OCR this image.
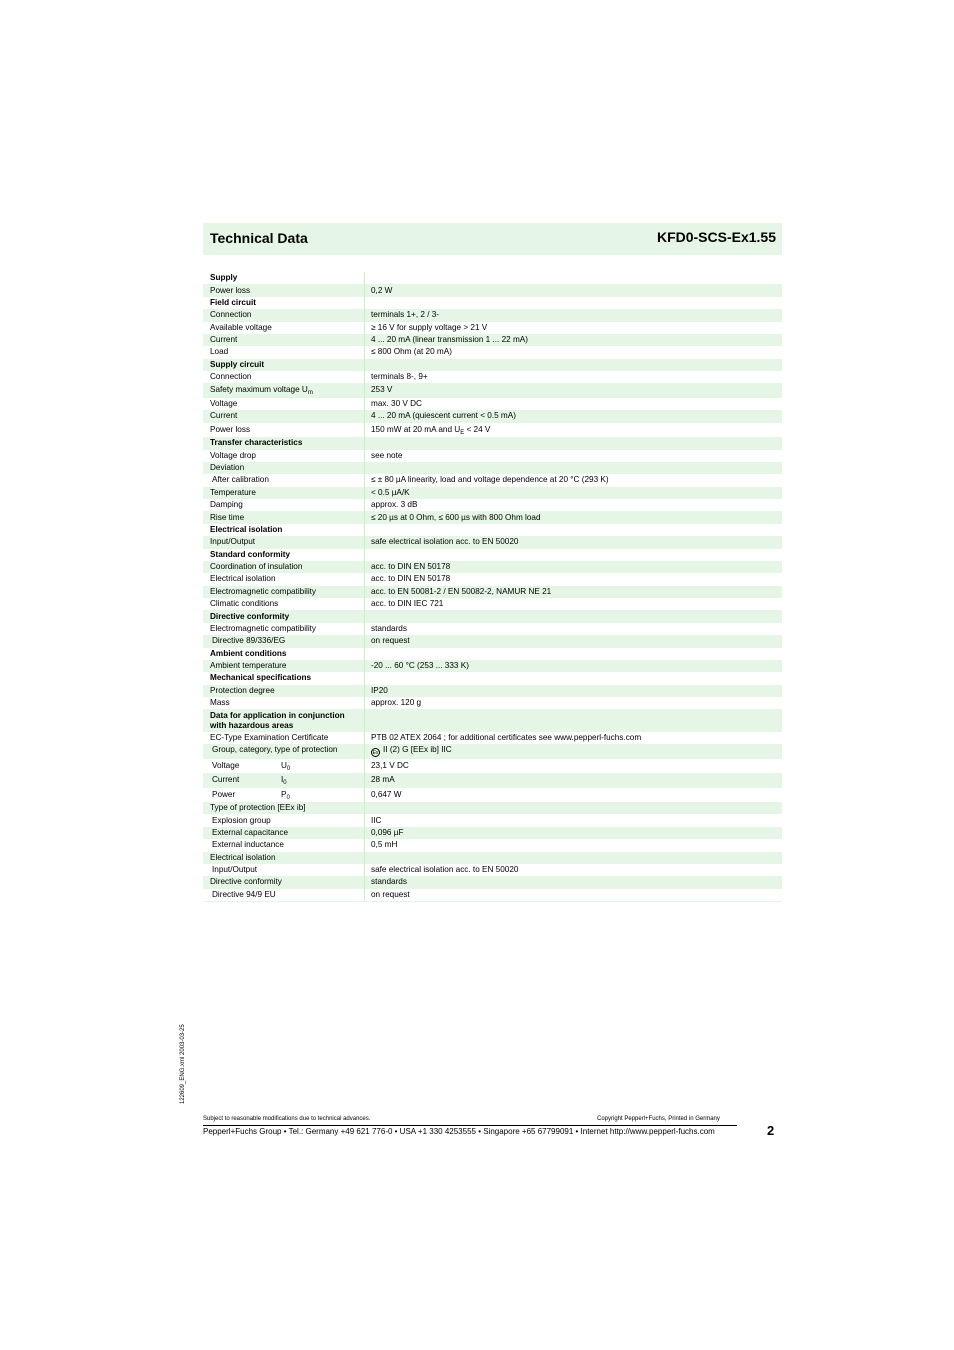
Technical Data	KFD0-SCS-Ex1.55
Supply	
Power loss	0,2 W
Field circuit	
Connection	terminals 1+, 2 / 3-
Available voltage	≥ 16 V for supply voltage > 21 V
Current	4 ... 20 mA (linear transmission 1 ... 22 mA)
Load	≤ 800 Ohm (at 20 mA)
Supply circuit	
Connection	terminals 8-, 9+
Safety maximum voltage $U_m$	253 V
Voltage	max. 30 V DC
Current	4 ... 20 mA (quiescent current < 0.5 mA)
Power loss	150 mW at 20 mA and $U_E < 24$ V
Transfer characteristics	
Voltage drop	see note
Deviation	
After calibration	≤ ± 80 µA linearity, load and voltage dependence at 20 °C (293 K)
Temperature	< 0.5 µA/K
Damping	approx. 3 dB
Rise time	≤ 20 µs at 0 Ohm, ≤ 600 µs with 800 Ohm load
Electrical isolation	
Input/Output	safe electrical isolation acc. to EN 50020
Standard conformity	
Coordination of insulation	acc. to DIN EN 50178
Electrical isolation	acc. to DIN EN 50178
Electromagnetic compatibility	acc. to EN 50081-2 / EN 50082-2, NAMUR NE 21
Climatic conditions	acc. to DIN IEC 721
Directive conformity	
Electromagnetic compatibility	standards
Directive 89/336/EG	on request
Ambient conditions	
Ambient temperature	-20 ... 60 °C (253 ... 333 K)
Mechanical specifications	
Protection degree	IP20
Mass	approx. 120 g
Data for application in conjunction with hazardous areas	
EC-Type Examination Certificate	PTB 02 ATEX 2064 ; for additional certificates see www.pepperl-fuchs.com
Group, category, type of protection	Ex II (2) G [EEx ib] IIC
Voltage $U_0$	23,1 V DC
Current $I_0$	28 mA
Power $P_0$	0,647 W
Type of protection [EEx ib]	
Explosion group	IIC
External capacitance	0,096 µF
External inductance	0,5 mH
Electrical isolation	
Input/Output	safe electrical isolation acc. to EN 50020
Directive conformity	standards
Directive 94/9 EU	on request
122609_ENG.xml 2003-03-25
Subject to reasonable modifications due to technical advances.	Copyright Pepperl+Fuchs, Printed in Germany
Pepperl+Fuchs Group • Tel.: Germany +49 621 776-0 • USA +1 330 4253555 • Singapore +65 67799091 • Internet http://www.pepperl-fuchs.com	2
